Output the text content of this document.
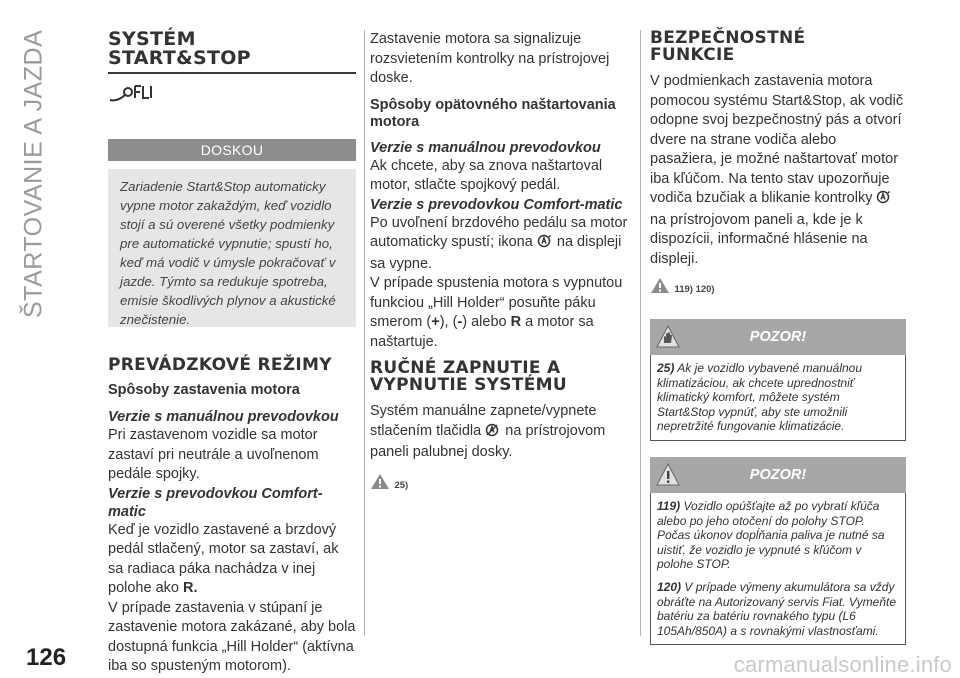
ŠTARTOVANIE A JAZDA
126	carmanualsonline.info
SYSTÉM
START&STOP
DOSKOU
Zariadenie Start&Stop automaticky vypne motor zakaždým, keď vozidlo stojí a sú overené všetky podmienky pre automatické vypnutie; spustí ho, keď má vodič v úmysle pokračovať v jazde. Týmto sa redukuje spotreba, emisie škodlivých plynov a akustické znečistenie.
PREVÁDZKOVÉ REŽIMY
Spôsoby zastavenia motora
Verzie s manuálnou prevodovkou
Pri zastavenom vozidle sa motor zastaví pri neutrále a uvoľnenom pedále spojky.
Verzie s prevodovkou Comfort-matic
Keď je vozidlo zastavené a brzdový pedál stlačený, motor sa zastaví, ak sa radiaca páka nachádza v inej polohe ako R.
V prípade zastavenia v stúpaní je zastavenie motora zakázané, aby bola dostupná funkcia „Hill Holder“ (aktívna iba so spusteným motorom).
Zastavenie motora sa signalizuje rozsvietením kontrolky na prístrojovej doske.
Spôsoby opätovného naštartovania motora
Verzie s manuálnou prevodovkou
Ak chcete, aby sa znova naštartoval motor, stlačte spojkový pedál.
Verzie s prevodovkou Comfort-matic
Po uvoľnení brzdového pedálu sa motor automaticky spustí; ikona na displeji sa vypne.
V prípade spustenia motora s vypnutou funkciou „Hill Holder“ posuňte páku smerom (+), (-) alebo R a motor sa naštartuje.
RUČNÉ ZAPNUTIE A VYPNUTIE SYSTÉMU
Systém manuálne zapnete/vypnete stlačením tlačidla na prístrojovom paneli palubnej dosky.
25)
BEZPEČNOSTNÉ FUNKCIE
V podmienkach zastavenia motora pomocou systému Start&Stop, ak vodič odopne svoj bezpečnostný pás a otvorí dvere na strane vodiča alebo pasažiera, je možné naštartovať motor iba kľúčom. Na tento stav upozorňuje vodiča bzučiak a blikanie kontrolky  na prístrojovom paneli a, kde je k dispozícii, informačné hlásenie na displeji.
119) 120)
POZOR!
25) Ak je vozidlo vybavené manuálnou klimatizáciou, ak chcete uprednostniť klimatický komfort, môžete systém Start&Stop vypnúť, aby ste umožnili nepretržité fungovanie klimatizácie.
POZOR!
119) Vozidlo opúšťajte až po vybratí kľúča alebo po jeho otočení do polohy STOP. Počas úkonov dopĺňania paliva je nutné sa uistiť, že vozidlo je vypnuté s kľúčom v polohe STOP.
120) V prípade výmeny akumulátora sa vždy obráťte na Autorizovaný servis Fiat. Vymeňte batériu za batériu rovnakého typu (L6 105Ah/850A) a s rovnakými vlastnosťami.
